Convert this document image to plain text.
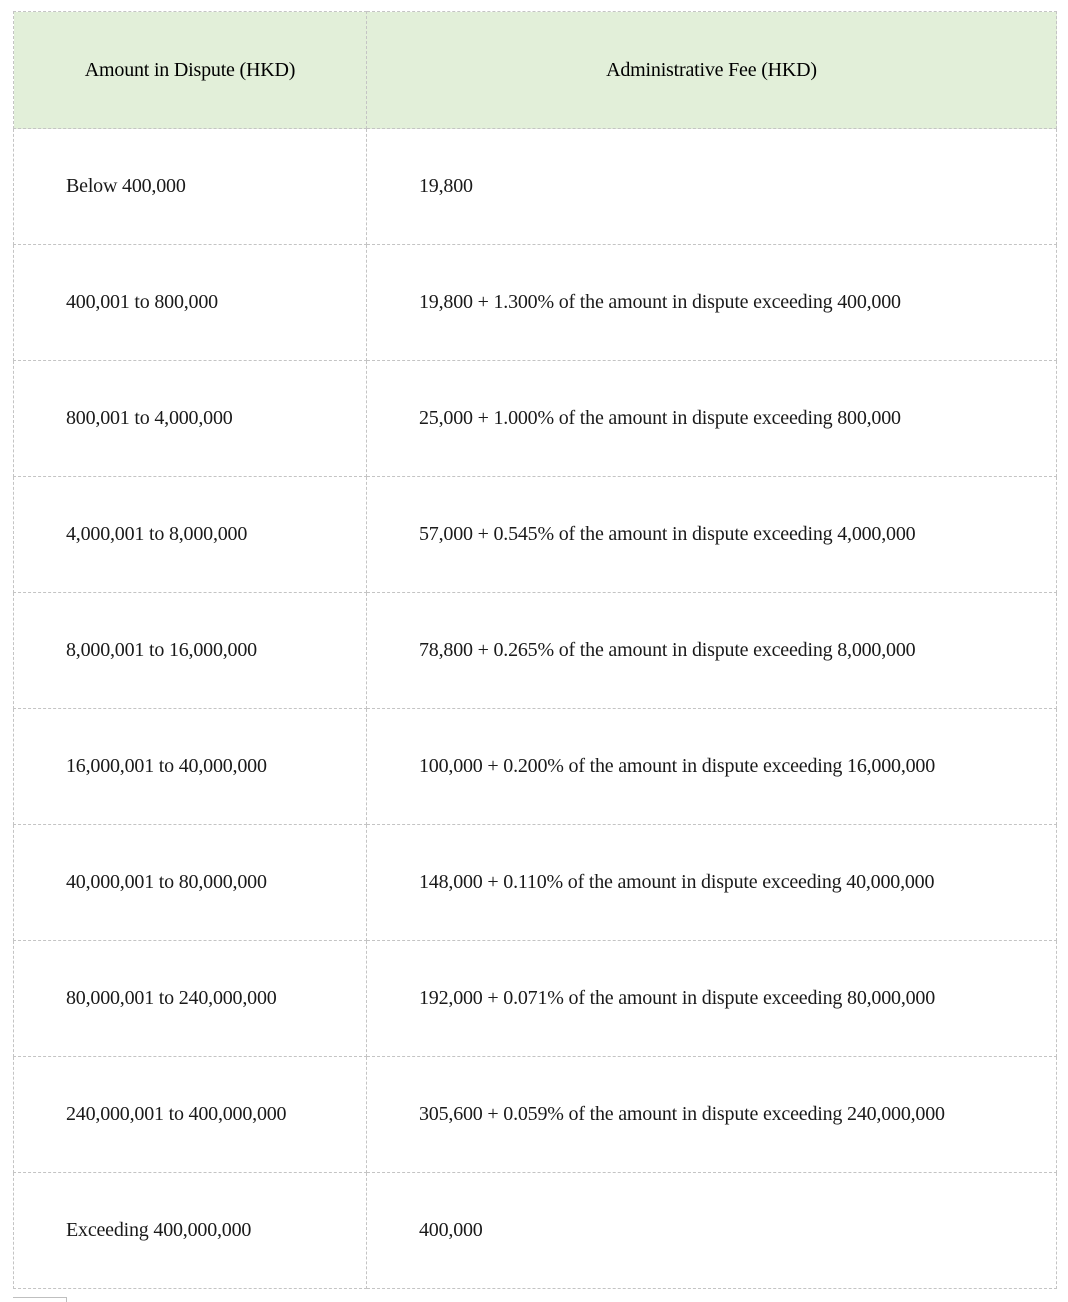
Amount in Dispute (HKD)	Administrative Fee (HKD)
Below 400,000	19,800
400,001 to 800,000	19,800 + 1.300% of the amount in dispute exceeding 400,000
800,001 to 4,000,000	25,000 + 1.000% of the amount in dispute exceeding 800,000
4,000,001 to 8,000,000	57,000 + 0.545% of the amount in dispute exceeding 4,000,000
8,000,001 to 16,000,000	78,800 + 0.265% of the amount in dispute exceeding 8,000,000
16,000,001 to 40,000,000	100,000 + 0.200% of the amount in dispute exceeding 16,000,000
40,000,001 to 80,000,000	148,000 + 0.110% of the amount in dispute exceeding 40,000,000
80,000,001 to 240,000,000	192,000 + 0.071% of the amount in dispute exceeding 80,000,000
240,000,001 to 400,000,000	305,600 + 0.059% of the amount in dispute exceeding 240,000,000
Exceeding 400,000,000	400,000
